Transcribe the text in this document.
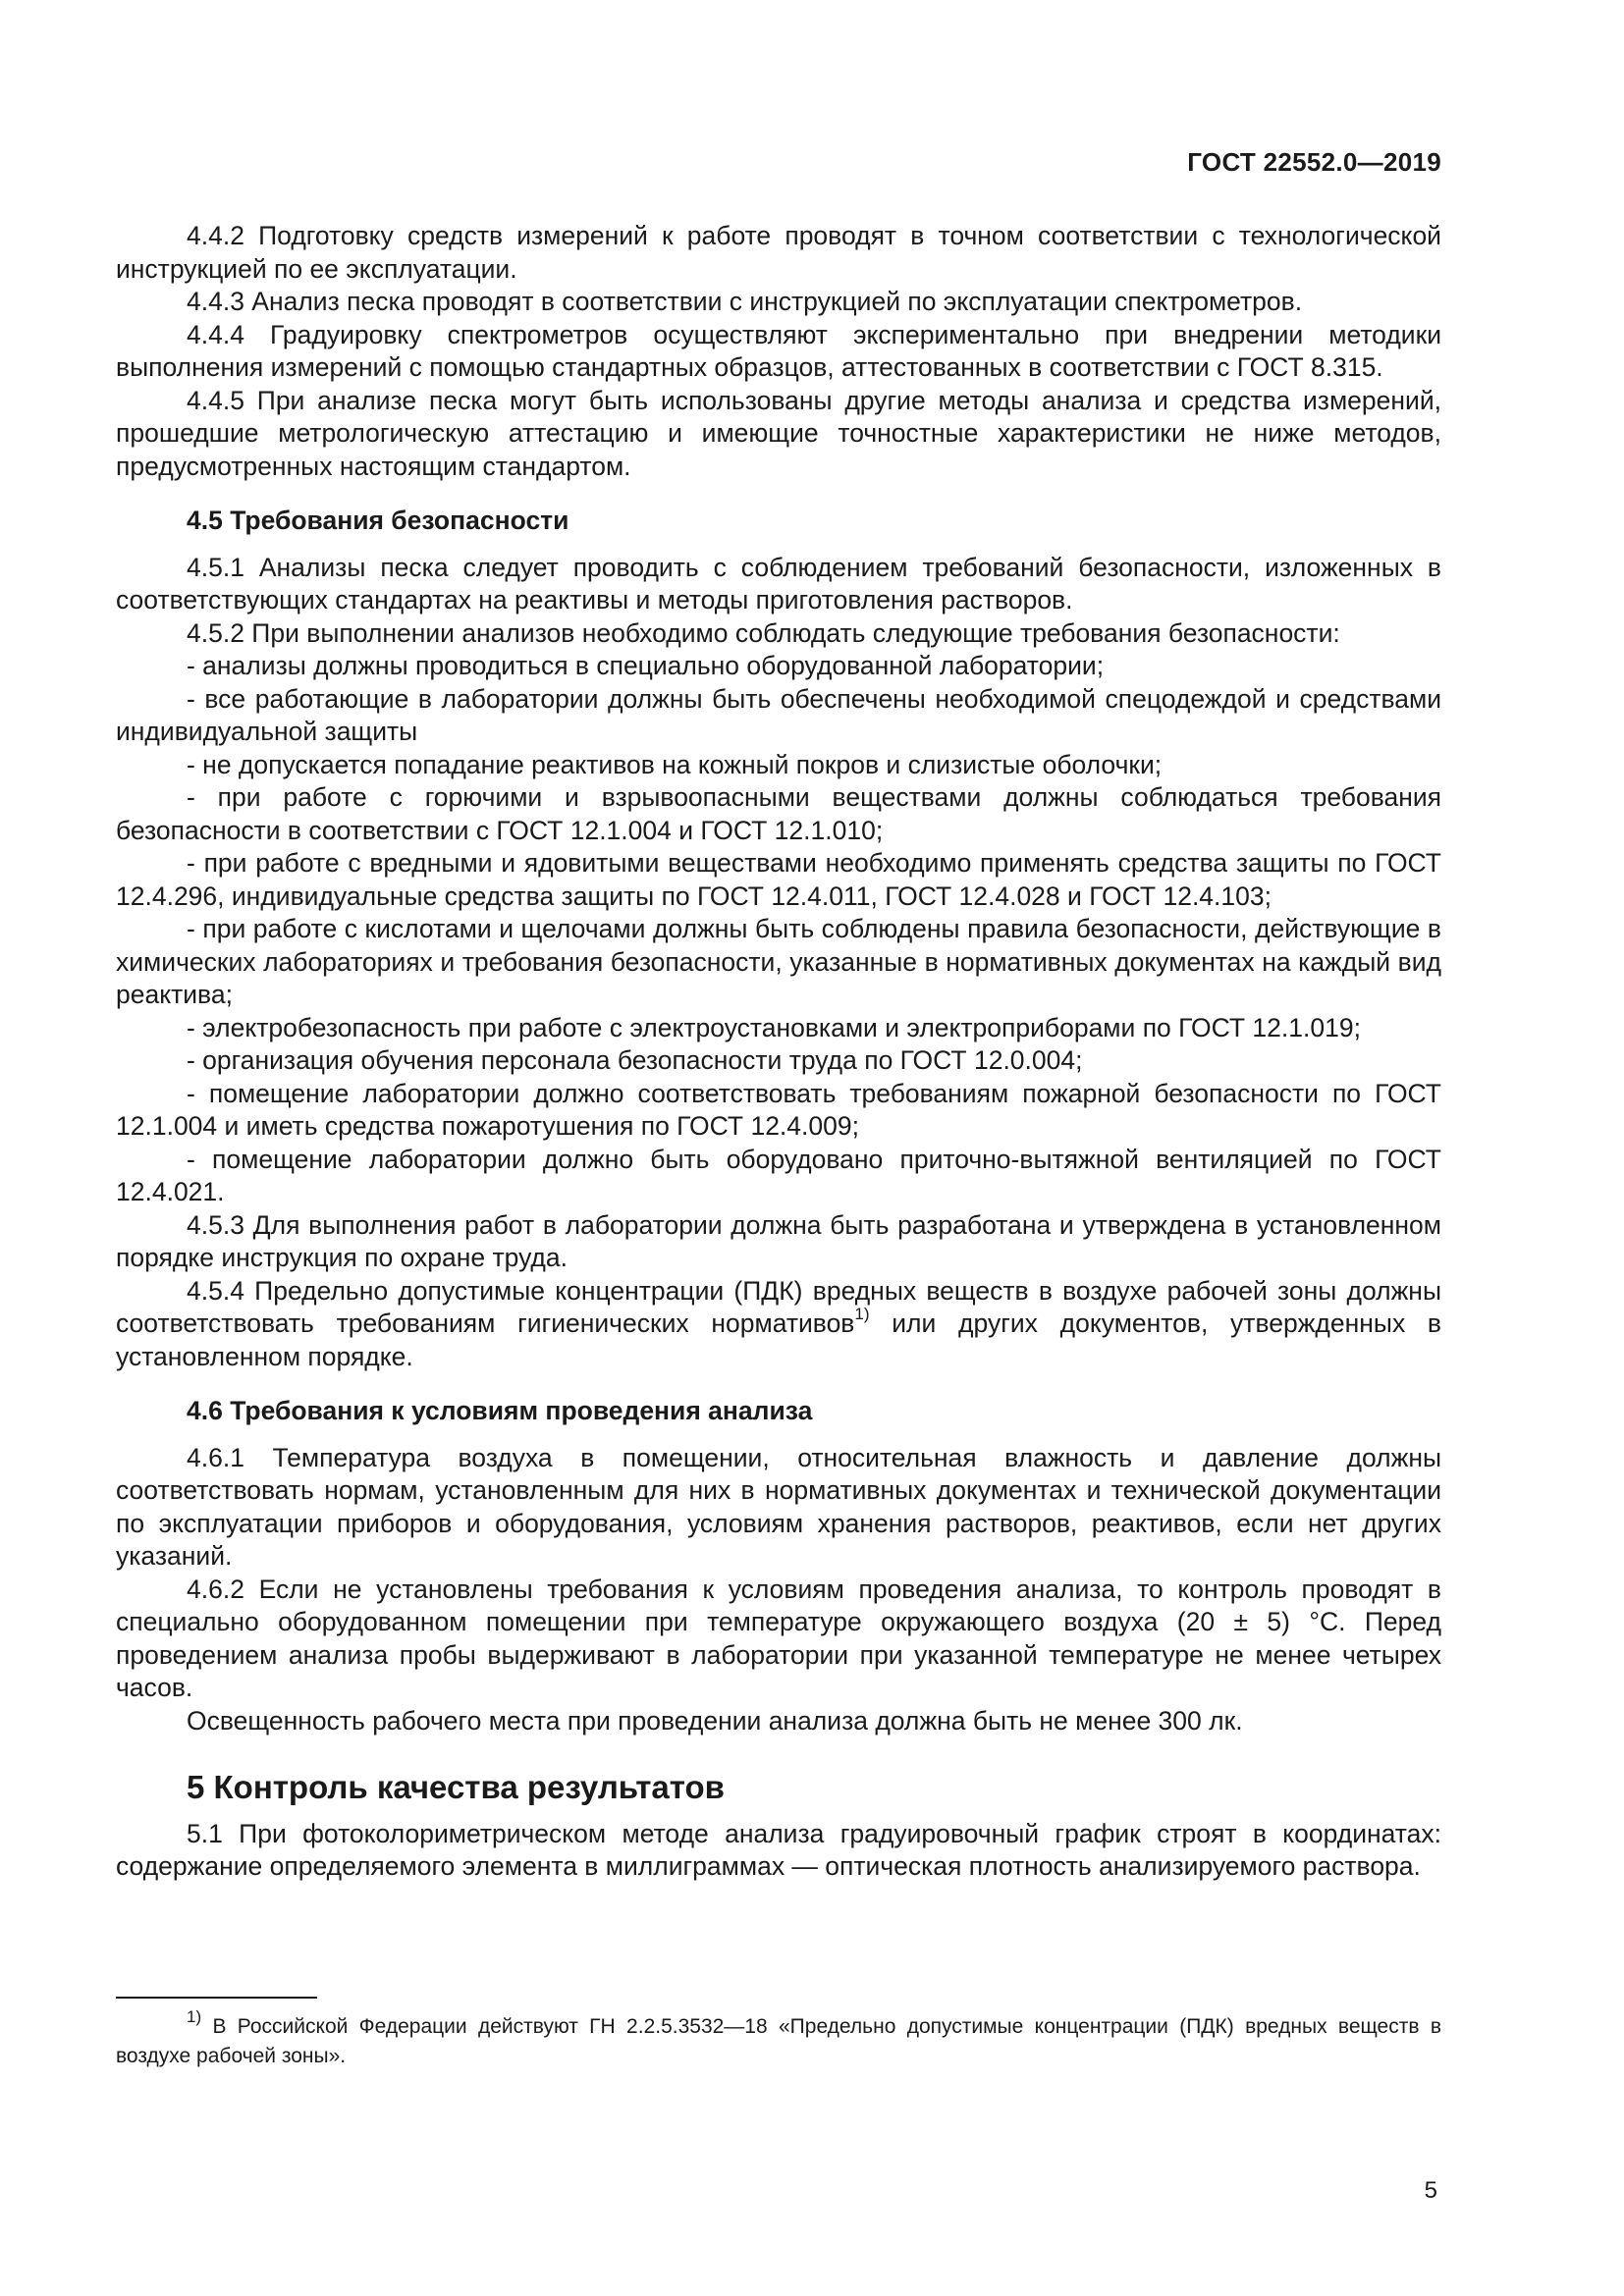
ГОСТ 22552.0—2019

4.4.2 Подготовку средств измерений к работе проводят в точном соответствии с технологической инструкцией по ее эксплуатации.

4.4.3 Анализ песка проводят в соответствии с инструкцией по эксплуатации спектрометров.

4.4.4 Градуировку спектрометров осуществляют экспериментально при внедрении методики выполнения измерений с помощью стандартных образцов, аттестованных в соответствии с ГОСТ 8.315.

4.4.5 При анализе песка могут быть использованы другие методы анализа и средства измерений, прошедшие метрологическую аттестацию и имеющие точностные характеристики не ниже методов, предусмотренных настоящим стандартом.

4.5 Требования безопасности

4.5.1 Анализы песка следует проводить с соблюдением требований безопасности, изложенных в соответствующих стандартах на реактивы и методы приготовления растворов.

4.5.2 При выполнении анализов необходимо соблюдать следующие требования безопасности:

- анализы должны проводиться в специально оборудованной лаборатории;

- все работающие в лаборатории должны быть обеспечены необходимой спецодеждой и средствами индивидуальной защиты

- не допускается попадание реактивов на кожный покров и слизистые оболочки;

- при работе с горючими и взрывоопасными веществами должны соблюдаться требования безопасности в соответствии с ГОСТ 12.1.004 и ГОСТ 12.1.010;

- при работе с вредными и ядовитыми веществами необходимо применять средства защиты по ГОСТ 12.4.296, индивидуальные средства защиты по ГОСТ 12.4.011, ГОСТ 12.4.028 и ГОСТ 12.4.103;

- при работе с кислотами и щелочами должны быть соблюдены правила безопасности, действующие в химических лабораториях и требования безопасности, указанные в нормативных документах на каждый вид реактива;

- электробезопасность при работе с электроустановками и электроприборами по ГОСТ 12.1.019;

- организация обучения персонала безопасности труда по ГОСТ 12.0.004;

- помещение лаборатории должно соответствовать требованиям пожарной безопасности по ГОСТ 12.1.004 и иметь средства пожаротушения по ГОСТ 12.4.009;

- помещение лаборатории должно быть оборудовано приточно-вытяжной вентиляцией по ГОСТ 12.4.021.

4.5.3 Для выполнения работ в лаборатории должна быть разработана и утверждена в установленном порядке инструкция по охране труда.

4.5.4 Предельно допустимые концентрации (ПДК) вредных веществ в воздухе рабочей зоны должны соответствовать требованиям гигиенических нормативов$^{1)}$ или других документов, утвержденных в установленном порядке.

4.6 Требования к условиям проведения анализа

4.6.1 Температура воздуха в помещении, относительная влажность и давление должны соответствовать нормам, установленным для них в нормативных документах и технической документации по эксплуатации приборов и оборудования, условиям хранения растворов, реактивов, если нет других указаний.

4.6.2 Если не установлены требования к условиям проведения анализа, то контроль проводят в специально оборудованном помещении при температуре окружающего воздуха (20 ± 5) °C. Перед проведением анализа пробы выдерживают в лаборатории при указанной температуре не менее четырех часов.

Освещенность рабочего места при проведении анализа должна быть не менее 300 лк.

5 Контроль качества результатов

5.1 При фотоколориметрическом методе анализа градуировочный график строят в координатах: содержание определяемого элемента в миллиграммах — оптическая плотность анализируемого раствора.

$^{1)}$ В Российской Федерации действуют ГН 2.2.5.3532—18 «Предельно допустимые концентрации (ПДК) вредных веществ в воздухе рабочей зоны».

5
